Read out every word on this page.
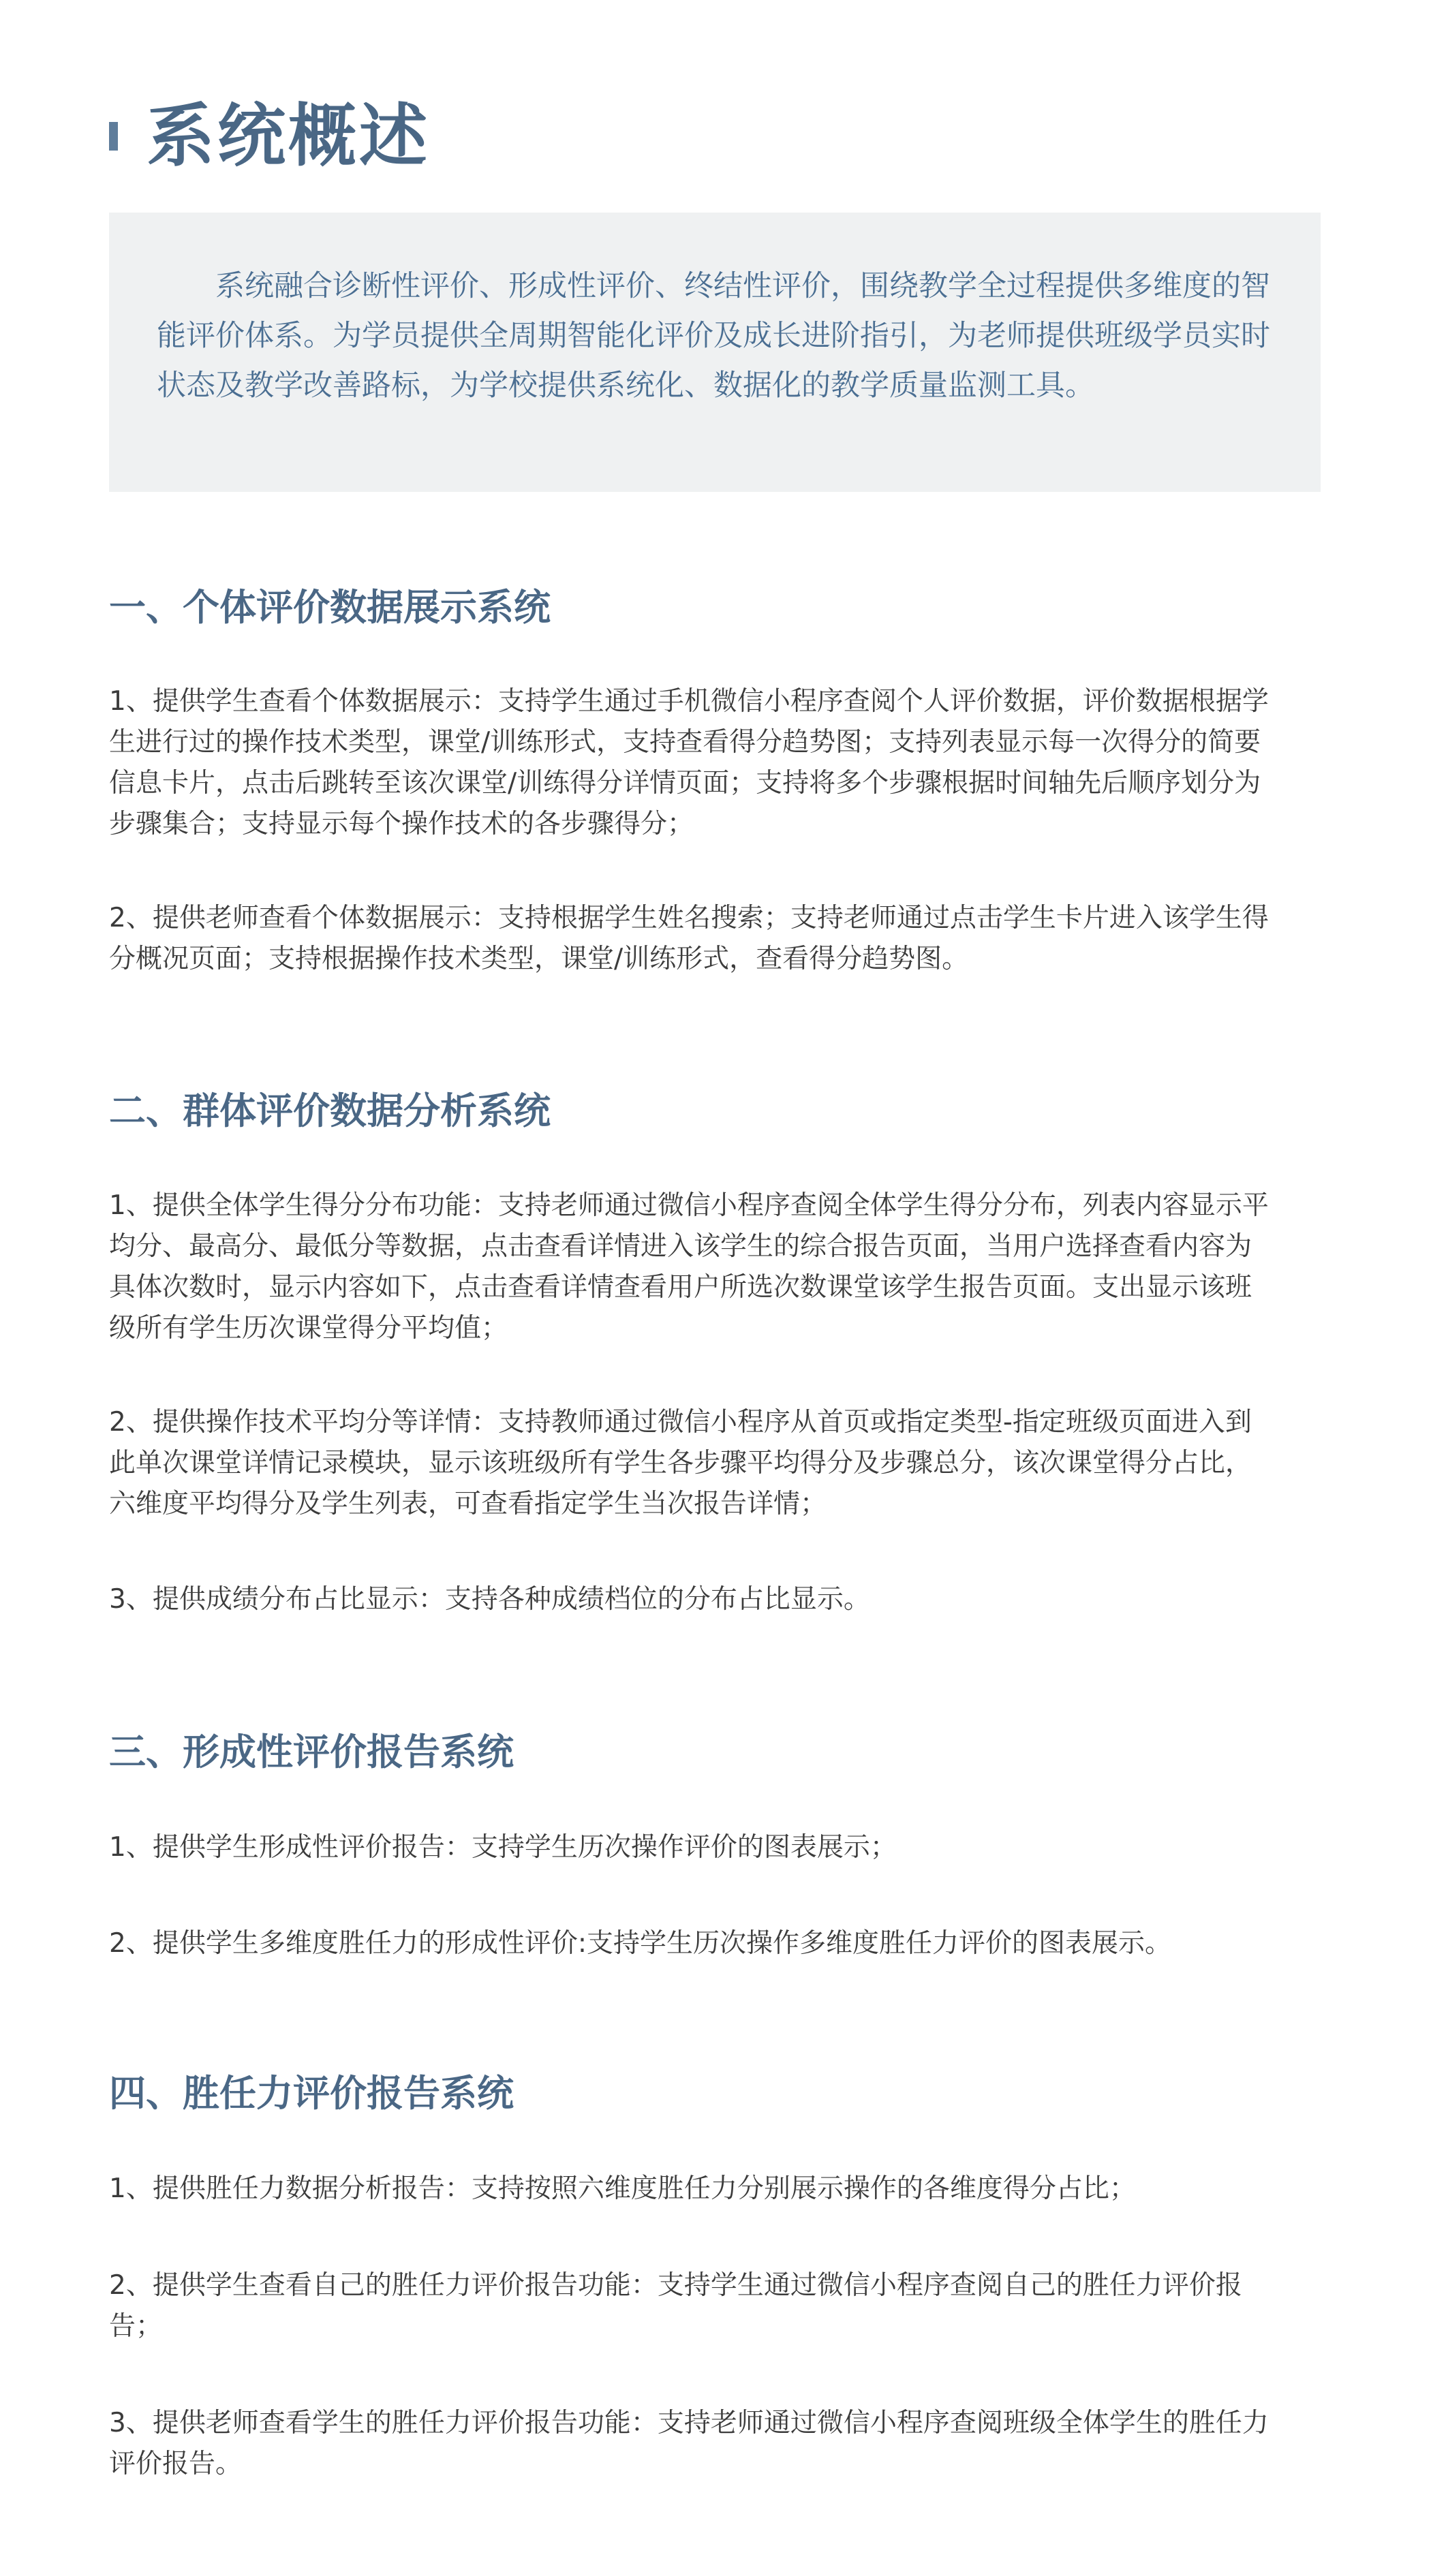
系统概述

系统融合诊断性评价、形成性评价、终结性评价，围绕教学全过程提供多维度的智能评价体系。为学员提供全周期智能化评价及成长进阶指引，为老师提供班级学员实时状态及教学改善路标，为学校提供系统化、数据化的教学质量监测工具。

一、个体评价数据展示系统

1、提供学生查看个体数据展示：支持学生通过手机微信小程序查阅个人评价数据，评价数据根据学生进行过的操作技术类型，课堂/训练形式，支持查看得分趋势图；支持列表显示每一次得分的简要信息卡片，点击后跳转至该次课堂/训练得分详情页面；支持将多个步骤根据时间轴先后顺序划分为步骤集合；支持显示每个操作技术的各步骤得分；

2、提供老师查看个体数据展示：支持根据学生姓名搜索；支持老师通过点击学生卡片进入该学生得分概况页面；支持根据操作技术类型，课堂/训练形式，查看得分趋势图。

二、群体评价数据分析系统

1、提供全体学生得分分布功能：支持老师通过微信小程序查阅全体学生得分分布，列表内容显示平均分、最高分、最低分等数据，点击查看详情进入该学生的综合报告页面，当用户选择查看内容为具体次数时，显示内容如下，点击查看详情查看用户所选次数课堂该学生报告页面。支出显示该班级所有学生历次课堂得分平均值；

2、提供操作技术平均分等详情：支持教师通过微信小程序从首页或指定类型-指定班级页面进入到此单次课堂详情记录模块，显示该班级所有学生各步骤平均得分及步骤总分，该次课堂得分占比，六维度平均得分及学生列表，可查看指定学生当次报告详情；

3、提供成绩分布占比显示：支持各种成绩档位的分布占比显示。

三、形成性评价报告系统

1、提供学生形成性评价报告：支持学生历次操作评价的图表展示；

2、提供学生多维度胜任力的形成性评价:支持学生历次操作多维度胜任力评价的图表展示。

四、胜任力评价报告系统

1、提供胜任力数据分析报告：支持按照六维度胜任力分别展示操作的各维度得分占比；

2、提供学生查看自己的胜任力评价报告功能：支持学生通过微信小程序查阅自己的胜任力评价报告；

3、提供老师查看学生的胜任力评价报告功能：支持老师通过微信小程序查阅班级全体学生的胜任力评价报告。
